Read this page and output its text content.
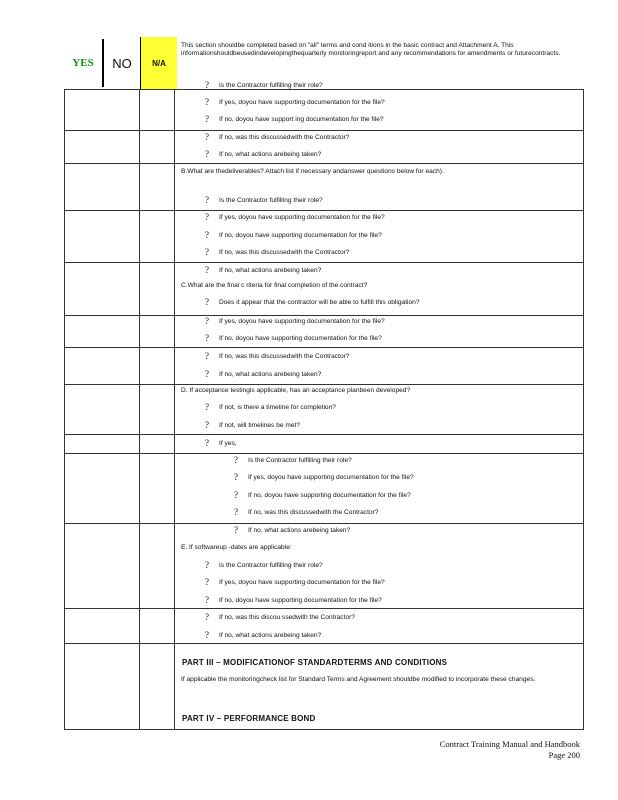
YES	NO	N/A
This section shouldbe completed based on "all" terms and cond itions in the basic contract and Attachment A. This informationshouldbeusedindevelopingthequarterly monitoringreport and any recommendations for amendments or futurecontracts.
? Is the Contractor fulfilling their role?
? If yes, doyou have supporting documentation for the file?
? If no, doyou have support ing documentation for the file?
? If no, was this discussedwith the Contractor?
? If no, what actions arebeing taken?
B.What are thedeliverables? Attach list if necessary andanswer questions below for each).
? Is the Contractor fulfilling their role?
? If yes, doyou have supporting documentation for the file?
? If no, doyou have supporting documentation for the file?
? If no, was this discussedwith the Contractor?
? If no, what actions arebeing taken?
C.What are the final c riteria for final completion of the contract?
? Does it appear that the contractor will be able to fulfill this obligation?
? If yes, doyou have supporting documentation for the file?
? If no, doyou have supporting documentation for the file?
? If no, was this discussedwith the Contractor?
? If no, what actions arebeing taken?
D. If acceptance testingis applicable, has an acceptance planbeen developed?
? If not, is there a timeline for completion?
? If not, will timelines be met?
? If yes,
? Is the Contractor fulfilling their role?
? If yes, doyou have supporting documentation for the file?
? If no, doyou have supporting documentation for the file?
? If no, was this discussedwith the Contractor?
? If no, what actions arebeing taken?
E. If softwareup -dates are applicable:
? Is the Contractor fulfilling their role?
? If yes, doyou have supporting documentation for the file?
? If no, doyou have supporting documentation for the file?
? If no, was this discou ssedwith the Contractor?
? If no, what actions arebeing taken?
PART III – MODIFICATIONOF STANDARDTERMS AND CONDITIONS
If applicable the monitoringcheck list for Standard Terms and Agreement shouldbe modified to incorporate these changes.
PART IV – PERFORMANCE BOND
Contract Training Manual and Handbook
Page 200
